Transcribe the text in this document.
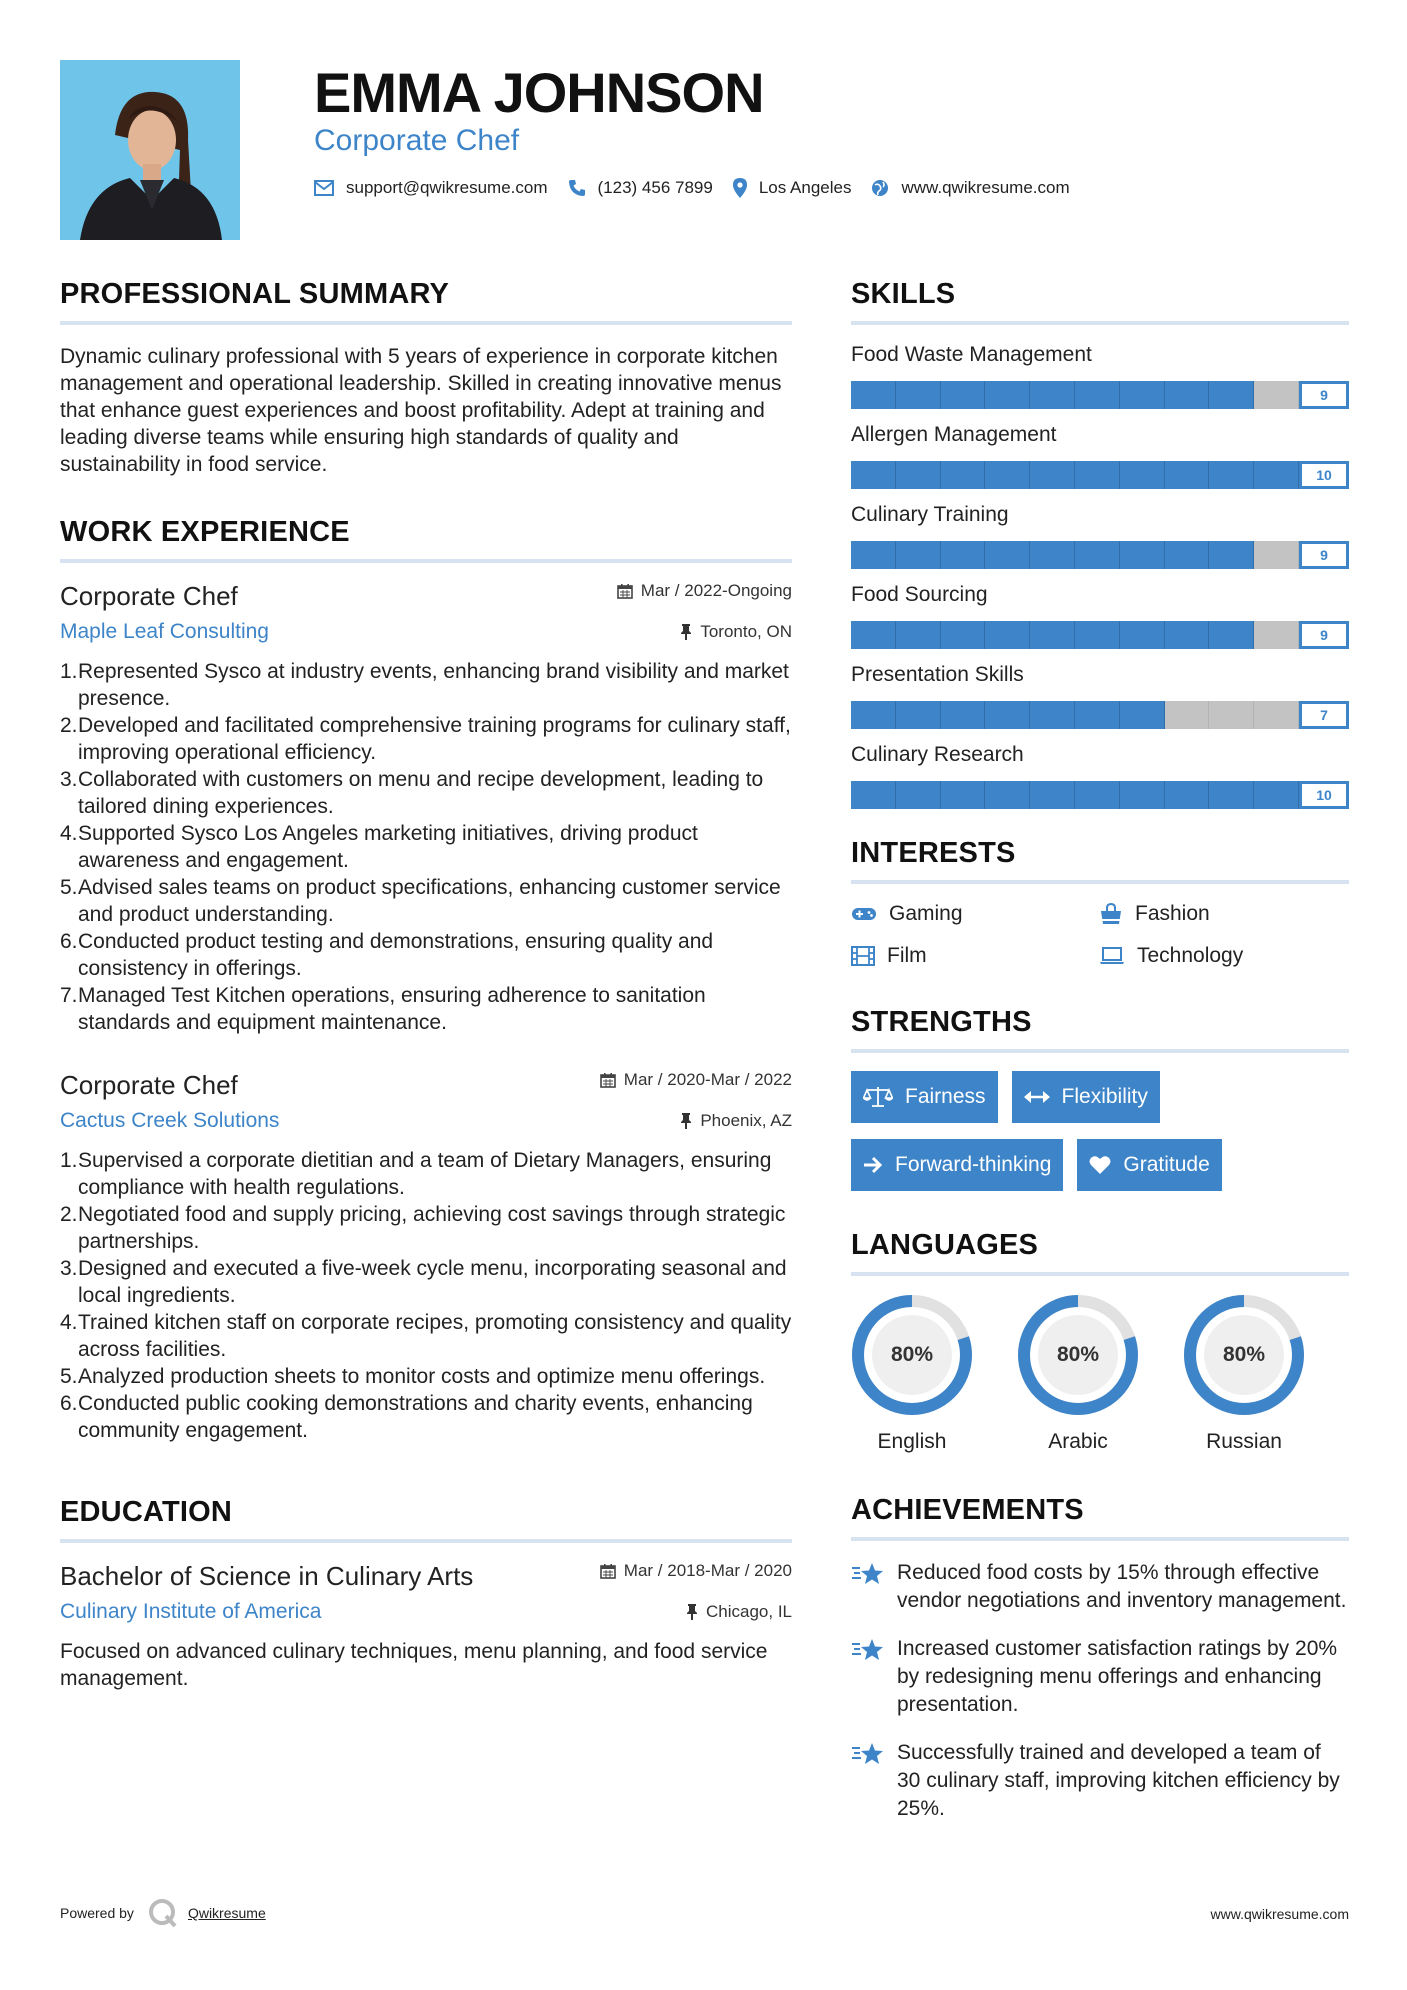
EMMA JOHNSON
Corporate Chef
support@qwikresume.com	(123) 456 7899	Los Angeles	www.qwikresume.com
PROFESSIONAL SUMMARY
Dynamic culinary professional with 5 years of experience in corporate kitchen management and operational leadership. Skilled in creating innovative menus that enhance guest experiences and boost profitability. Adept at training and leading diverse teams while ensuring high standards of quality and sustainability in food service.
WORK EXPERIENCE
Corporate Chef	Mar / 2022-Ongoing
Maple Leaf Consulting	Toronto, ON
1. Represented Sysco at industry events, enhancing brand visibility and market presence.
2. Developed and facilitated comprehensive training programs for culinary staff, improving operational efficiency.
3. Collaborated with customers on menu and recipe development, leading to tailored dining experiences.
4. Supported Sysco Los Angeles marketing initiatives, driving product awareness and engagement.
5. Advised sales teams on product specifications, enhancing customer service and product understanding.
6. Conducted product testing and demonstrations, ensuring quality and consistency in offerings.
7. Managed Test Kitchen operations, ensuring adherence to sanitation standards and equipment maintenance.
Corporate Chef	Mar / 2020-Mar / 2022
Cactus Creek Solutions	Phoenix, AZ
1. Supervised a corporate dietitian and a team of Dietary Managers, ensuring compliance with health regulations.
2. Negotiated food and supply pricing, achieving cost savings through strategic partnerships.
3. Designed and executed a five-week cycle menu, incorporating seasonal and local ingredients.
4. Trained kitchen staff on corporate recipes, promoting consistency and quality across facilities.
5. Analyzed production sheets to monitor costs and optimize menu offerings.
6. Conducted public cooking demonstrations and charity events, enhancing community engagement.
EDUCATION
Bachelor of Science in Culinary Arts	Mar / 2018-Mar / 2020
Culinary Institute of America	Chicago, IL
Focused on advanced culinary techniques, menu planning, and food service management.
SKILLS
Food Waste Management
9
Allergen Management
10
Culinary Training
9
Food Sourcing
9
Presentation Skills
7
Culinary Research
10
INTERESTS
Gaming	Fashion
Film	Technology
STRENGTHS
Fairness	Flexibility
Forward-thinking	Gratitude
LANGUAGES
80%
English
80%
Arabic
80%
Russian
ACHIEVEMENTS
Reduced food costs by 15% through effective vendor negotiations and inventory management.
Increased customer satisfaction ratings by 20% by redesigning menu offerings and enhancing presentation.
Successfully trained and developed a team of 30 culinary staff, improving kitchen efficiency by 25%.
Powered by	Qwikresume	www.qwikresume.com
